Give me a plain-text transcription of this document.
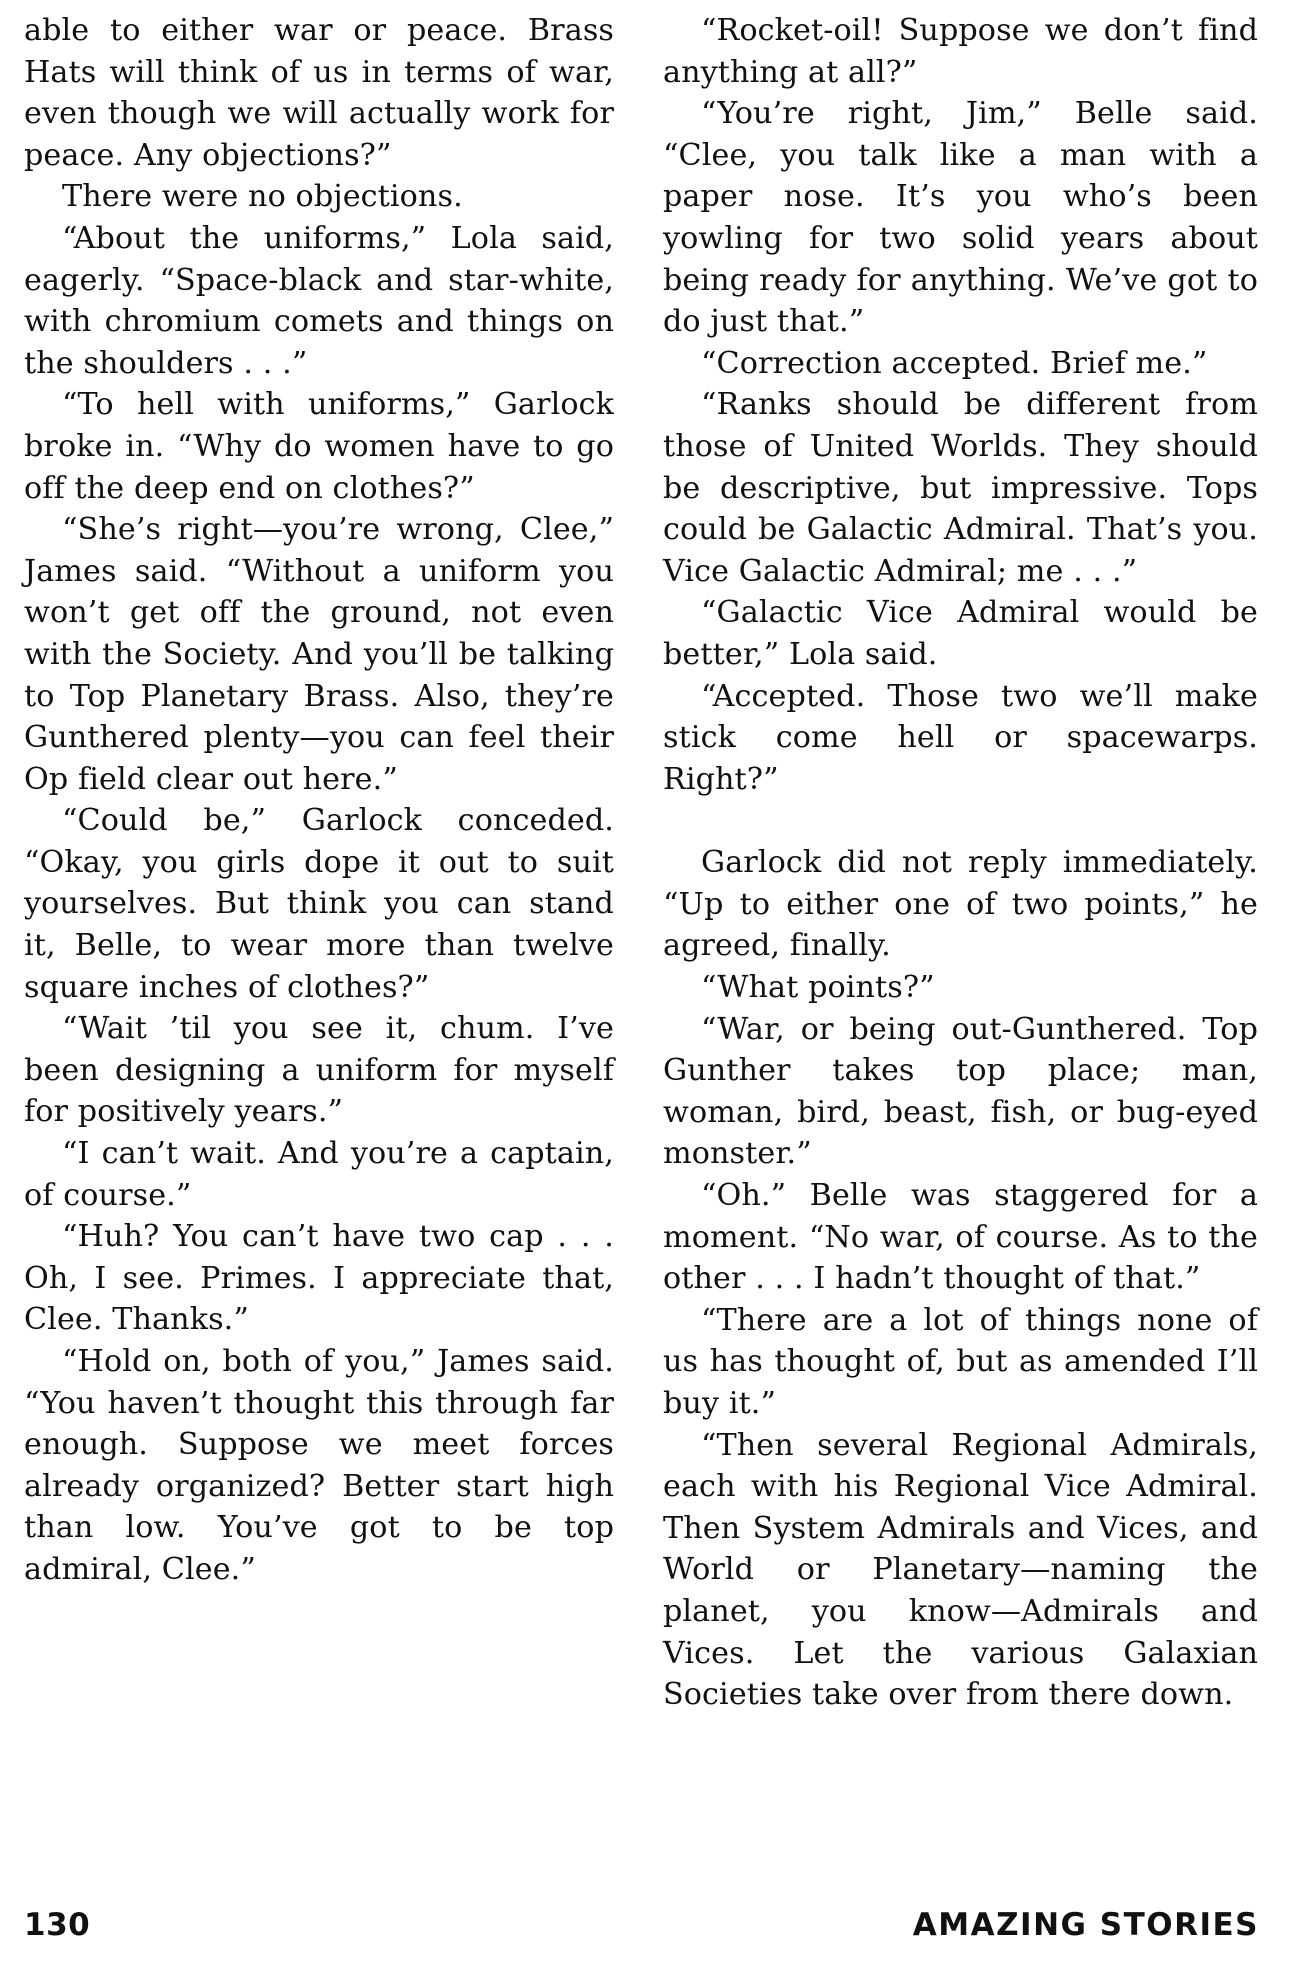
able to either war or peace. Brass Hats will think of us in terms of war, even though we will actually work for peace. Any objections?”

There were no objections.

“About the uniforms,” Lola said, eagerly. “Space-black and star-white, with chromium comets and things on the shoulders . . .”

“To hell with uniforms,” Garlock broke in. “Why do women have to go off the deep end on clothes?”

“She’s right—you’re wrong, Clee,” James said. “Without a uniform you won’t get off the ground, not even with the Society. And you’ll be talking to Top Planetary Brass. Also, they’re Gunthered plenty—you can feel their Op field clear out here.”

“Could be,” Garlock conceded. “Okay, you girls dope it out to suit yourselves. But think you can stand it, Belle, to wear more than twelve square inches of clothes?”

“Wait ’til you see it, chum. I’ve been designing a uniform for myself for positively years.”

“I can’t wait. And you’re a captain, of course.”

“Huh? You can’t have two cap . . . Oh, I see. Primes. I appreciate that, Clee. Thanks.”

“Hold on, both of you,” James said. “You haven’t thought this through far enough. Suppose we meet forces already organized? Better start high than low. You’ve got to be top admiral, Clee.”

“Rocket-oil! Suppose we don’t find anything at all?”

“You’re right, Jim,” Belle said. “Clee, you talk like a man with a paper nose. It’s you who’s been yowling for two solid years about being ready for anything. We’ve got to do just that.”

“Correction accepted. Brief me.”

“Ranks should be different from those of United Worlds. They should be descriptive, but impressive. Tops could be Galactic Admiral. That’s you. Vice Galactic Admiral; me . . .”

“Galactic Vice Admiral would be better,” Lola said.

“Accepted. Those two we’ll make stick come hell or spacewarps. Right?”

Garlock did not reply immediately. “Up to either one of two points,” he agreed, finally.

“What points?”

“War, or being out-Gunthered. Top Gunther takes top place; man, woman, bird, beast, fish, or bug-eyed monster.”

“Oh.” Belle was staggered for a moment. “No war, of course. As to the other . . . I hadn’t thought of that.”

“There are a lot of things none of us has thought of, but as amended I’ll buy it.”

“Then several Regional Admirals, each with his Regional Vice Admiral. Then System Admirals and Vices, and World or Planetary—naming the planet, you know—Admirals and Vices. Let the various Galaxian Societies take over from there down.

130	AMAZING STORIES
